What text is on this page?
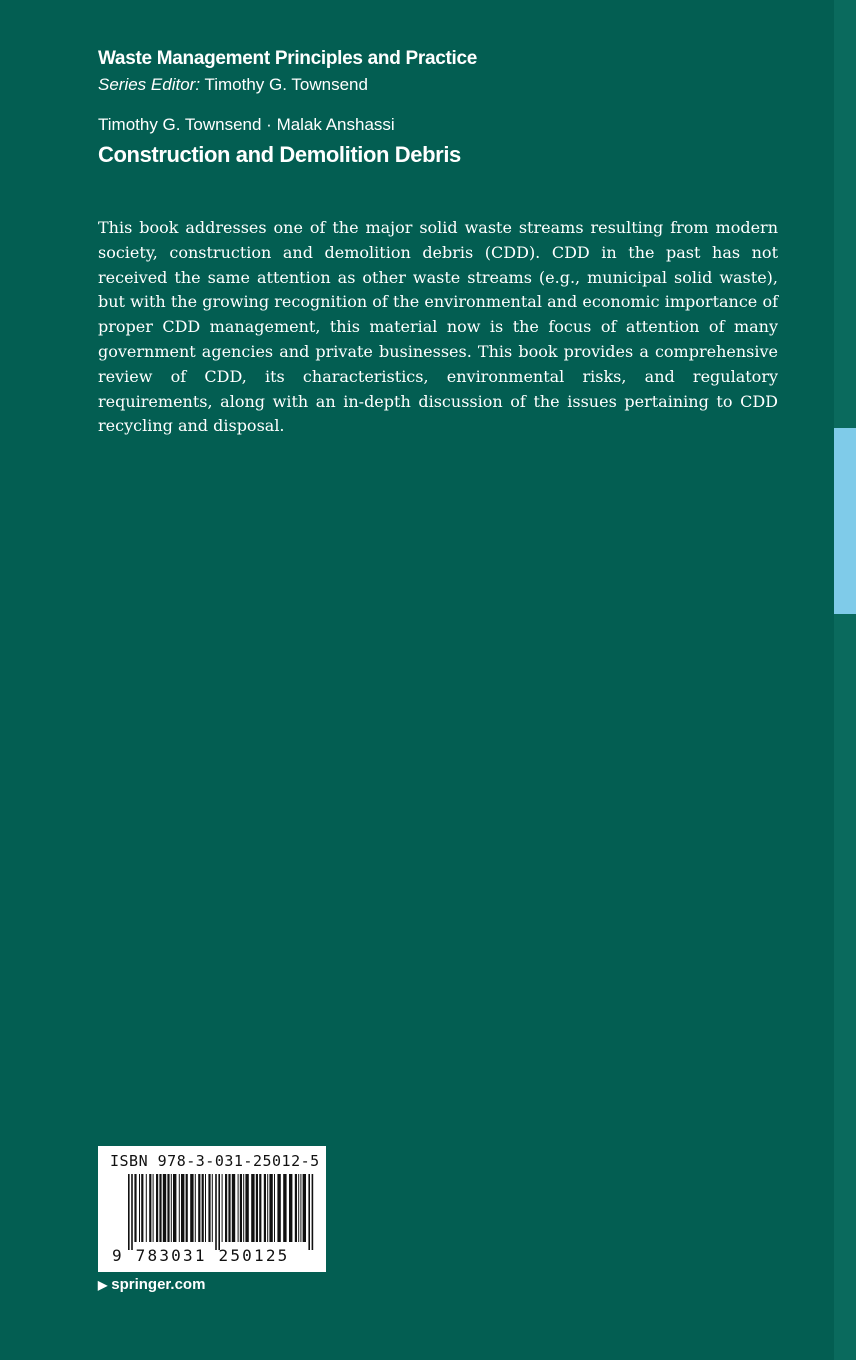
Waste Management Principles and Practice
Series Editor: Timothy G. Townsend
Timothy G. Townsend · Malak Anshassi
Construction and Demolition Debris

This book addresses one of the major solid waste streams resulting from modern society, construction and demolition debris (CDD). CDD in the past has not received the same attention as other waste streams (e.g., municipal solid waste), but with the growing recognition of the environmental and economic importance of proper CDD management, this material now is the focus of attention of many government agencies and private businesses. This book provides a comprehensive review of CDD, its characteristics, environmental risks, and regulatory requirements, along with an in-depth discussion of the issues pertaining to CDD recycling and disposal.

ISBN 978-3-031-25012-5
9 783031 250125
▶ springer.com
